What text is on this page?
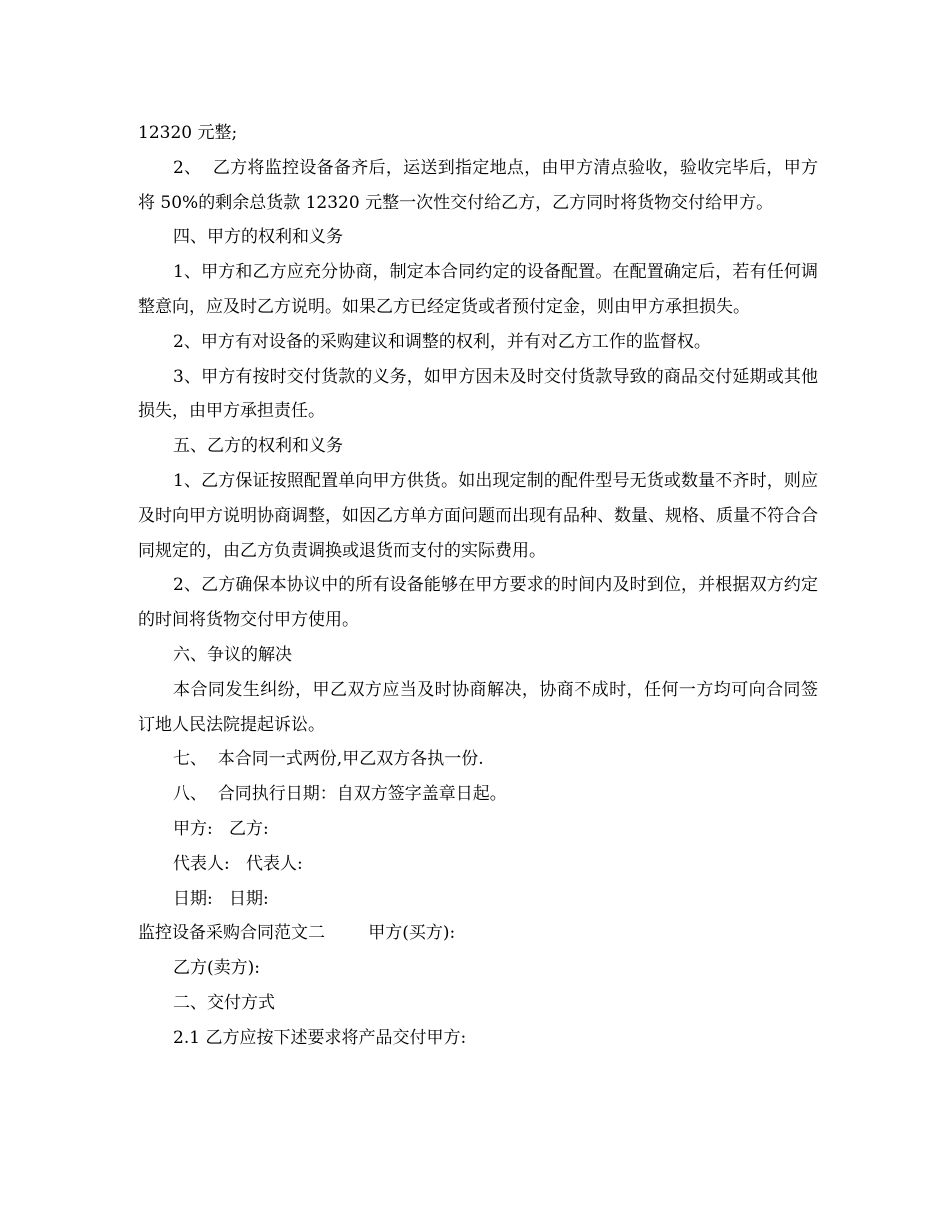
12320 元整;

2、  乙方将监控设备备齐后，运送到指定地点，由甲方清点验收，验收完毕后，甲方将 50%的剩余总货款 12320 元整一次性交付给乙方，乙方同时将货物交付给甲方。

四、甲方的权利和义务

1、甲方和乙方应充分协商，制定本合同约定的设备配置。在配置确定后，若有任何调整意向，应及时乙方说明。如果乙方已经定货或者预付定金，则由甲方承担损失。

2、甲方有对设备的采购建议和调整的权利，并有对乙方工作的监督权。

3、甲方有按时交付货款的义务，如甲方因未及时交付货款导致的商品交付延期或其他损失，由甲方承担责任。

五、乙方的权利和义务

1、乙方保证按照配置单向甲方供货。如出现定制的配件型号无货或数量不齐时，则应及时向甲方说明协商调整，如因乙方单方面问题而出现有品种、数量、规格、质量不符合合同规定的，由乙方负责调换或退货而支付的实际费用。

2、乙方确保本协议中的所有设备能够在甲方要求的时间内及时到位，并根据双方约定的时间将货物交付甲方使用。

六、争议的解决

本合同发生纠纷，甲乙双方应当及时协商解决，协商不成时，任何一方均可向合同签订地人民法院提起诉讼。

七、  本合同一式两份,甲乙双方各执一份.

八、  合同执行日期：自双方签字盖章日起。

甲方:   乙方:

代表人:   代表人:

日期:   日期:

监控设备采购合同范文二        甲方(买方):

乙方(卖方):

二、交付方式

2.1 乙方应按下述要求将产品交付甲方:
